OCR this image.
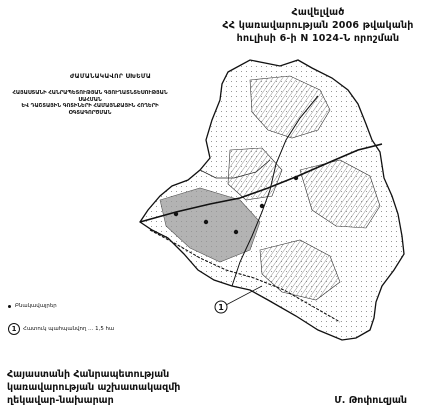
Հավելված
ՀՀ կառավարության 2006 թվականի
հուլիսի 6-ի N 1024-Ն որոշման
ԺԱՄԱՆԱԿԱՎՈՐ ՍԽԵՄԱ
ՀԱՅԱՍՏԱՆԻ ՀԱՆՐԱՊԵՏՈՒԹՅԱՆ ԳՅՈՒՂԱՏՆՏԵՍՈՒԹՅԱՆ ՍԱՀՄԱՆ
ԵՎ ԴԱՇՏԱՅԻՆ ԳՈՏԻՆԵՐԻ ՀԱՄԱՅՆՔԱՅԻՆ ՀՈՂԵՐԻ
ՕԳՏԱԳՈՐԾՄԱՆ
1
Բնակավայրեր
1	Հատուկ պահպանվող ․․․ 1,5 հա
Հայաստանի Հանրապետության
կառավարության աշխատակազմի
ղեկավար-նախարար	Մ. Թոփուզյան
